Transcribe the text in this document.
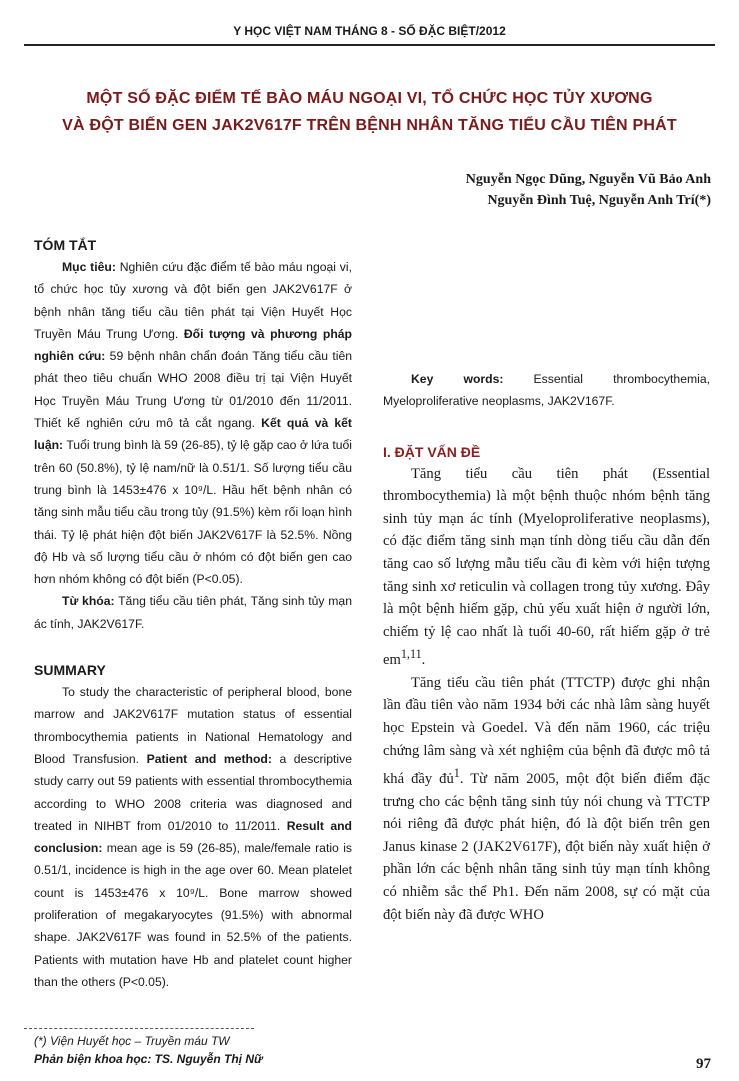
Y HỌC VIỆT NAM THÁNG 8 - SỐ ĐẶC BIỆT/2012
MỘT SỐ ĐẶC ĐIỂM TẾ BÀO MÁU NGOẠI VI, TỔ CHỨC HỌC TỦY XƯƠNG
VÀ ĐỘT BIẾN GEN JAK2V617F TRÊN BỆNH NHÂN TĂNG TIỂU CẦU TIÊN PHÁT
Nguyễn Ngọc Dũng, Nguyễn Vũ Bảo Anh
Nguyễn Đình Tuệ, Nguyễn Anh Trí(*)
TÓM TẮT

Mục tiêu: Nghiên cứu đặc điểm tế bào máu ngoại vi, tổ chức học tủy xương và đột biến gen JAK2V617F ở bệnh nhân tăng tiểu cầu tiên phát tại Viện Huyết Học Truyền Máu Trung Ương. Đối tượng và phương pháp nghiên cứu: 59 bệnh nhân chẩn đoán Tăng tiểu cầu tiên phát theo tiêu chuẩn WHO 2008 điều trị tại Viện Huyết Học Truyền Máu Trung Ương từ 01/2010 đến 11/2011. Thiết kế nghiên cứu mô tả cắt ngang. Kết quả và kết luận: Tuổi trung bình là 59 (26-85), tỷ lệ gặp cao ở lứa tuổi trên 60 (50.8%), tỷ lệ nam/nữ là 0.51/1. Số lượng tiểu cầu trung bình là 1453±476 x 10⁹/L. Hầu hết bệnh nhân có tăng sinh mẫu tiểu cầu trong tủy (91.5%) kèm rối loạn hình thái. Tỷ lệ phát hiện đột biến JAK2V617F là 52.5%. Nồng độ Hb và số lượng tiểu cầu ở nhóm có đột biến gen cao hơn nhóm không có đột biến (P<0.05).

Từ khóa: Tăng tiểu cầu tiên phát, Tăng sinh tủy mạn ác tính, JAK2V617F.

SUMMARY

To study the characteristic of peripheral blood, bone marrow and JAK2V617F mutation status of essential thrombocythemia patients in National Hematology and Blood Transfusion. Patient and method: a descriptive study carry out 59 patients with essential thrombocythemia according to WHO 2008 criteria was diagnosed and treated in NIHBT from 01/2010 to 11/2011. Result and conclusion: mean age is 59 (26-85), male/female ratio is 0.51/1, incidence is high in the age over 60. Mean platelet count is 1453±476 x 10⁹/L. Bone marrow showed proliferation of megakaryocytes (91.5%) with abnormal shape. JAK2V617F was found in 52.5% of the patients. Patients with mutation have Hb and platelet count higher than the others (P<0.05).

Key words: Essential thrombocythemia, Myeloproliferative neoplasms, JAK2V167F.

I. ĐẶT VẤN ĐỀ

Tăng tiểu cầu tiên phát (Essential thrombocythemia) là một bệnh thuộc nhóm bệnh tăng sinh tủy mạn ác tính (Myeloproliferative neoplasms), có đặc điểm tăng sinh mạn tính dòng tiểu cầu dẫn đến tăng cao số lượng mẫu tiểu cầu đi kèm với hiện tượng tăng sinh xơ reticulin và collagen trong tủy xương. Đây là một bệnh hiếm gặp, chủ yếu xuất hiện ở người lớn, chiếm tỷ lệ cao nhất là tuổi 40-60, rất hiếm gặp ở trẻ em$^{1,11}$.

Tăng tiểu cầu tiên phát (TTCTP) được ghi nhận lần đầu tiên vào năm 1934 bởi các nhà lâm sàng huyết học Epstein và Goedel. Và đến năm 1960, các triệu chứng lâm sàng và xét nghiệm của bệnh đã được mô tả khá đầy đủ$^1$. Từ năm 2005, một đột biến điểm đặc trưng cho các bệnh tăng sinh tủy nói chung và TTCTP nói riêng đã được phát hiện, đó là đột biến trên gen Janus kinase 2 (JAK2V617F), đột biến này xuất hiện ở phần lớn các bệnh nhân tăng sinh tủy mạn tính không có nhiễm sắc thể Ph1. Đến năm 2008, sự có mặt của đột biến này đã được WHO

(*) Viện Huyết học – Truyền máu TW
Phản biện khoa học: TS. Nguyễn Thị Nữ	97
